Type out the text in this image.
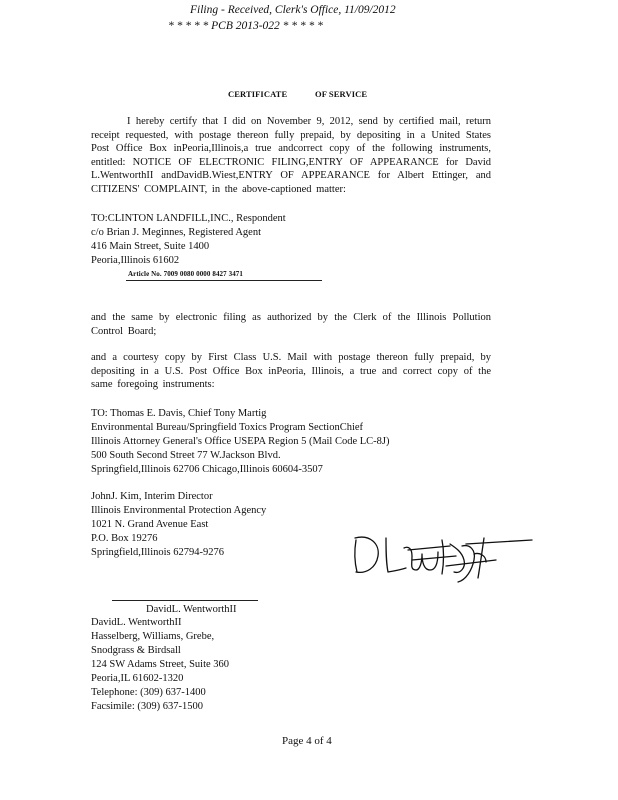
Filing - Received, Clerk's Office, 11/09/2012
* * * * * PCB 2013-022 * * * * *
CERTIFICATE	OF SERVICE
I hereby certify that I did on November 9, 2012, send by certified mail, return receipt requested, with postage thereon fully prepaid, by depositing in a United States Post Office Box inPeoria,Illinois,a true andcorrect copy of the following instruments, entitled: NOTICE OF ELECTRONIC FILING,ENTRY OF APPEARANCE for David L.WentworthII andDavidB.Wiest,ENTRY OF APPEARANCE for Albert Ettinger, and CITIZENS' COMPLAINT, in the above-captioned matter:
TO:CLINTON LANDFILL,INC., Respondent
c/o Brian J. Meginnes, Registered Agent
416 Main Street, Suite 1400
Peoria,Illinois 61602
Article No. 7009 0080 0000 8427 3471
and the same by electronic filing as authorized by the Clerk of the Illinois Pollution Control Board;
and a courtesy copy by First Class U.S. Mail with postage thereon fully prepaid, by depositing in a U.S. Post Office Box inPeoria, Illinois, a true and correct copy of the same foregoing instruments:
TO: Thomas E. Davis, Chief Tony Martig
Environmental Bureau/Springfield Toxics Program SectionChief
Illinois Attorney General's Office USEPA Region 5 (Mail Code LC-8J)
500 South Second Street 77 W.Jackson Blvd.
Springfield,Illinois 62706 Chicago,Illinois 60604-3507
JohnJ. Kim, Interim Director
Illinois Environmental Protection Agency
1021 N. Grand Avenue East
P.O. Box 19276
Springfield,Illinois 62794-9276
DavidL. WentworthII
DavidL. WentworthII
Hasselberg, Williams, Grebe,
Snodgrass & Birdsall
124 SW Adams Street, Suite 360
Peoria,IL 61602-1320
Telephone: (309) 637-1400
Facsimile: (309) 637-1500
Page 4 of 4
